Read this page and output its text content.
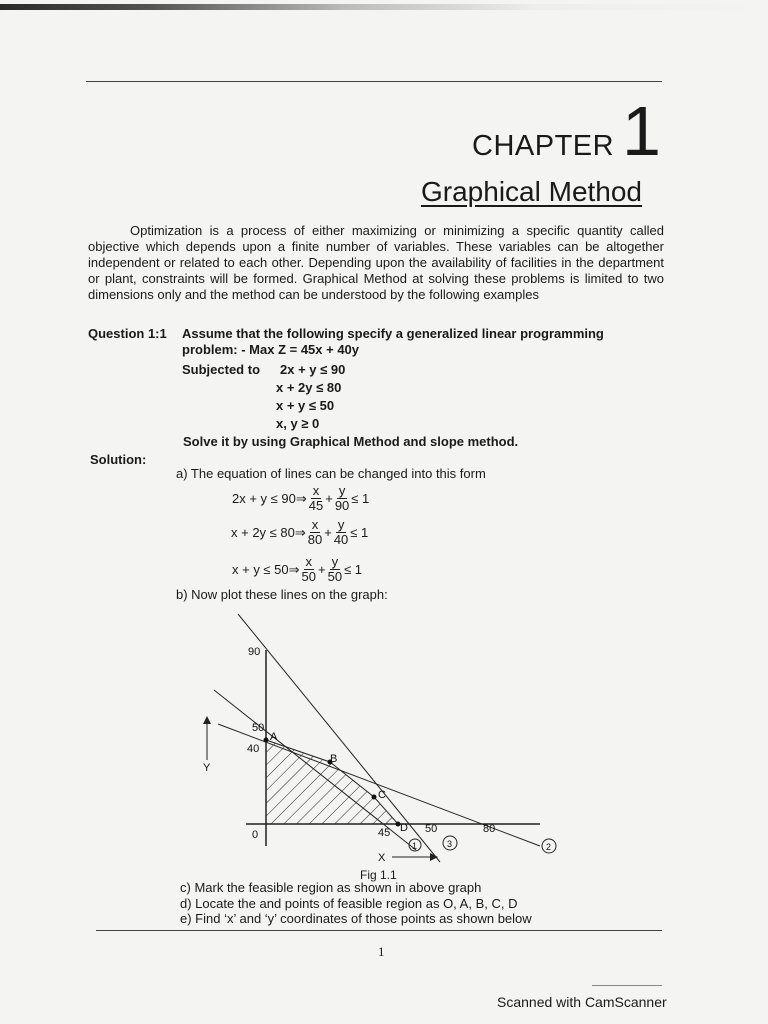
CHAPTER 1
Graphical Method

Optimization is a process of either maximizing or minimizing a specific quantity called objective which depends upon a finite number of variables. These variables can be altogether independent or related to each other. Depending upon the availability of facilities in the department or plant, constraints will be formed. Graphical Method at solving these problems is limited to two dimensions only and the method can be understood by the following examples

Question 1:1 Assume that the following specify a generalized linear programming problem: - Max Z = 45x + 40y
Subjected to 2x + y ≤ 90
x + 2y ≤ 80
x + y ≤ 50
x, y ≥ 0
Solve it by using Graphical Method and slope method.
Solution:
a) The equation of lines can be changed into this form
2x + y ≤ 90⇒ $\frac{x}{45} + \frac{y}{90} \le 1$
x + 2y ≤ 80⇒ $\frac{x}{80} + \frac{y}{40} \le 1$
x + y ≤ 50⇒ $\frac{x}{50} + \frac{y}{50} \le 1$
b) Now plot these lines on the graph:
90
50
40
0	45	50	80
A
B
C
D
Y
X
1	3	2
Fig 1.1
c) Mark the feasible region as shown in above graph
d) Locate the and points of feasible region as O, A, B, C, D
e) Find ‘x’ and ‘y’ coordinates of those points as shown below
1
Scanned with CamScanner
